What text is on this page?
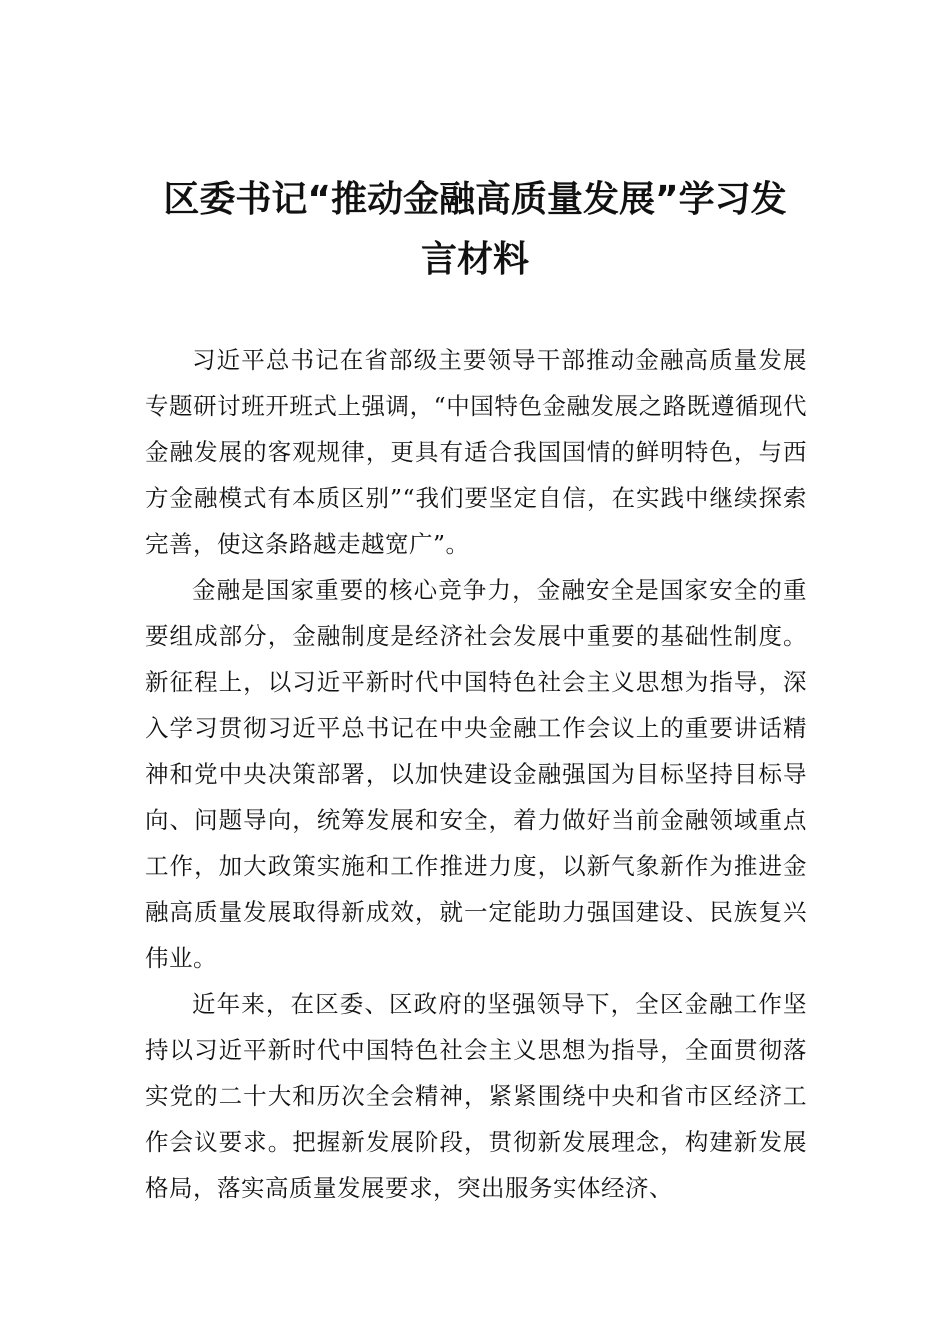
区委书记“推动金融高质量发展”学习发
言材料

习近平总书记在省部级主要领导干部推动金融高质量发展专题研讨班开班式上强调，“中国特色金融发展之路既遵循现代金融发展的客观规律，更具有适合我国国情的鲜明特色，与西方金融模式有本质区别”“我们要坚定自信，在实践中继续探索完善，使这条路越走越宽广”。

金融是国家重要的核心竞争力，金融安全是国家安全的重要组成部分，金融制度是经济社会发展中重要的基础性制度。新征程上，以习近平新时代中国特色社会主义思想为指导，深入学习贯彻习近平总书记在中央金融工作会议上的重要讲话精神和党中央决策部署，以加快建设金融强国为目标坚持目标导向、问题导向，统筹发展和安全，着力做好当前金融领域重点工作，加大政策实施和工作推进力度，以新气象新作为推进金融高质量发展取得新成效，就一定能助力强国建设、民族复兴伟业。

近年来，在区委、区政府的坚强领导下，全区金融工作坚持以习近平新时代中国特色社会主义思想为指导，全面贯彻落实党的二十大和历次全会精神，紧紧围绕中央和省市区经济工作会议要求。把握新发展阶段，贯彻新发展理念，构建新发展格局，落实高质量发展要求，突出服务实体经济、
